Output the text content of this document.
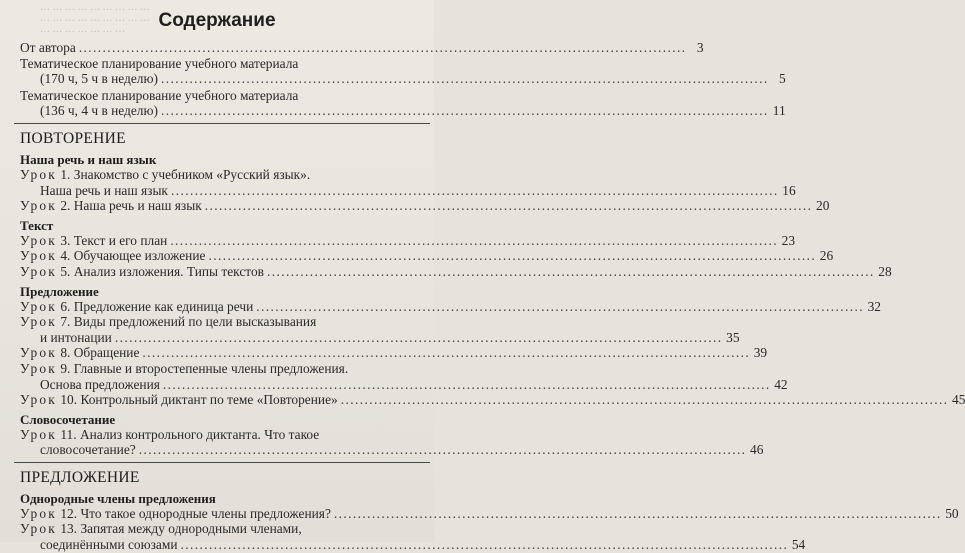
… … … … … … … … …
… … … … … … … … …
… … … … … … …	Содержание
От автора ................................................................................................................................ 3
Тематическое планирование учебного материала
(170 ч, 5 ч в неделю) ................................................................................................................................ 5
Тематическое планирование учебного материала
(136 ч, 4 ч в неделю) ................................................................................................................................ 11
ПОВТОРЕНИЕ
Наша речь и наш язык
Урок 1. Знакомство с учебником «Русский язык».
Наша речь и наш язык ................................................................................................................................ 16
Урок 2. Наша речь и наш язык ................................................................................................................................ 20
Текст
Урок 3. Текст и его план ................................................................................................................................ 23
Урок 4. Обучающее изложение ................................................................................................................................ 26
Урок 5. Анализ изложения. Типы текстов ................................................................................................................................ 28
Предложение
Урок 6. Предложение как единица речи ................................................................................................................................ 32
Урок 7. Виды предложений по цели высказывания
и интонации ................................................................................................................................ 35
Урок 8. Обращение ................................................................................................................................ 39
Урок 9. Главные и второстепенные члены предложения.
Основа предложения ................................................................................................................................ 42
Урок 10. Контрольный диктант по теме «Повторение» ................................................................................................................................ 45
Словосочетание
Урок 11. Анализ контрольного диктанта. Что такое
словосочетание? ................................................................................................................................ 46
ПРЕДЛОЖЕНИЕ
Однородные члены предложения
Урок 12. Что такое однородные члены предложения? ................................................................................................................................ 50
Урок 13. Запятая между однородными членами,
соединёнными союзами ................................................................................................................................ 54
